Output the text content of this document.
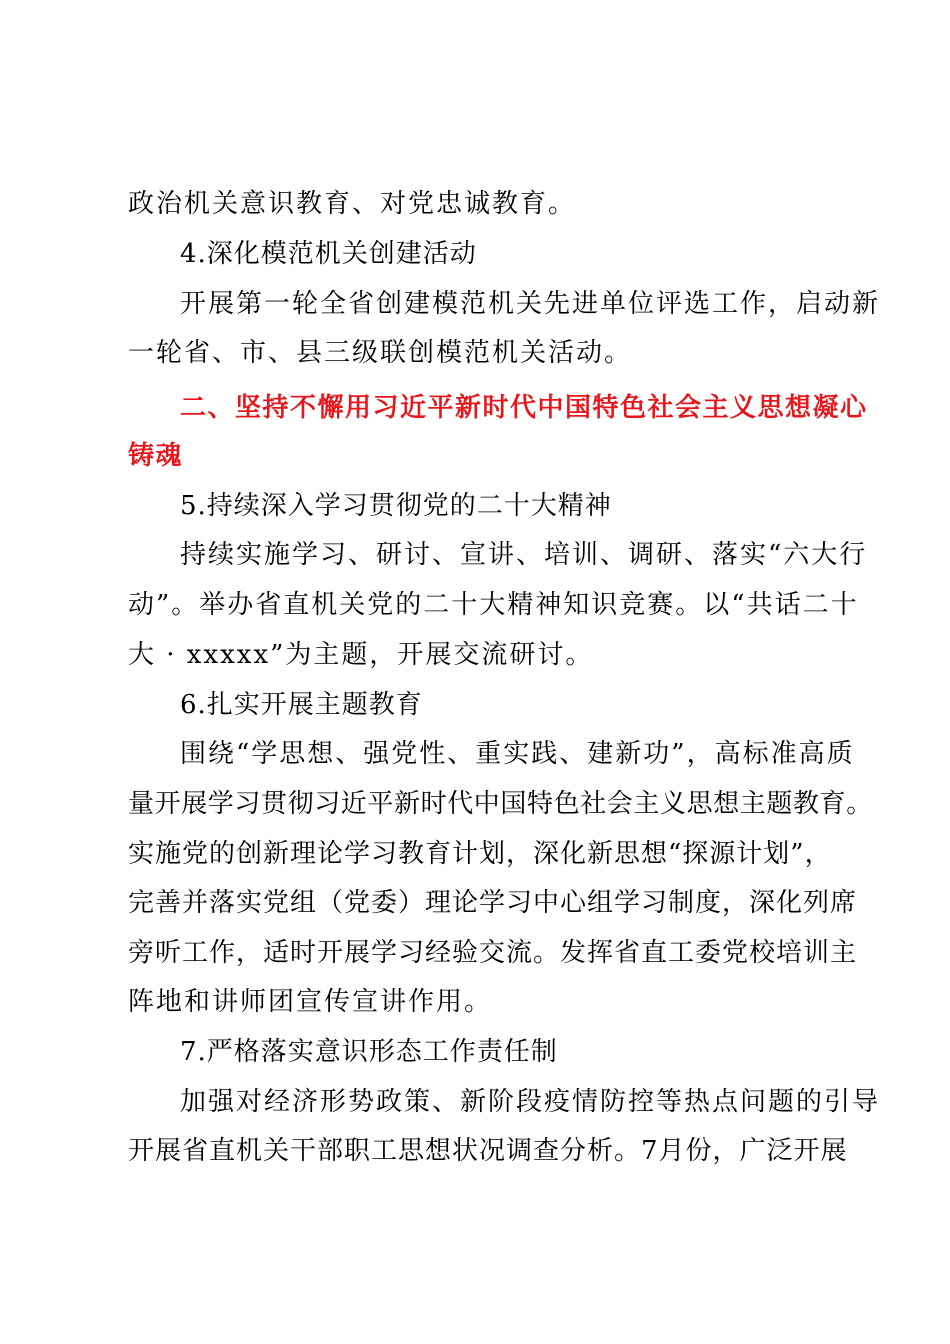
政治机关意识教育、对党忠诚教育。
4.深化模范机关创建活动
开展第一轮全省创建模范机关先进单位评选工作，启动新
一轮省、市、县三级联创模范机关活动。
二、坚持不懈用习近平新时代中国特色社会主义思想凝心
铸魂
5.持续深入学习贯彻党的二十大精神
持续实施学习、研讨、宣讲、培训、调研、落实“六大行
动”。举办省直机关党的二十大精神知识竞赛。以“共话二十
大 · xxxxx”为主题，开展交流研讨。
6.扎实开展主题教育
围绕“学思想、强党性、重实践、建新功”，高标准高质
量开展学习贯彻习近平新时代中国特色社会主义思想主题教育。
实施党的创新理论学习教育计划，深化新思想“探源计划”，
完善并落实党组（党委）理论学习中心组学习制度，深化列席
旁听工作，适时开展学习经验交流。发挥省直工委党校培训主
阵地和讲师团宣传宣讲作用。
7.严格落实意识形态工作责任制
加强对经济形势政策、新阶段疫情防控等热点问题的引导
开展省直机关干部职工思想状况调查分析。7月份，广泛开展
